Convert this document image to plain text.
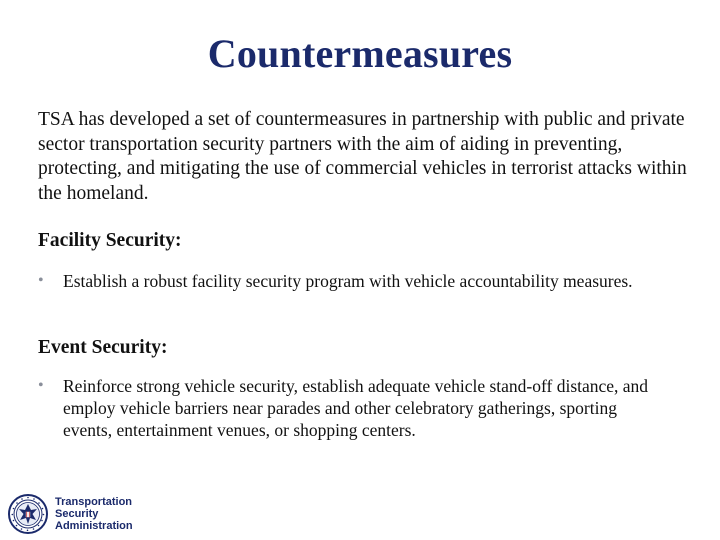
Countermeasures

TSA has developed a set of countermeasures in partnership with public and private sector transportation security partners with the aim of aiding in preventing, protecting, and mitigating the use of commercial vehicles in terrorist attacks within the homeland.

Facility Security:
•	Establish a robust facility security program with vehicle accountability measures.
Event Security:
•	Reinforce strong vehicle security, establish adequate vehicle stand-off distance, and employ vehicle barriers near parades and other celebratory gatherings, sporting events, entertainment venues, or shopping centers.
Transportation
Security
Administration
